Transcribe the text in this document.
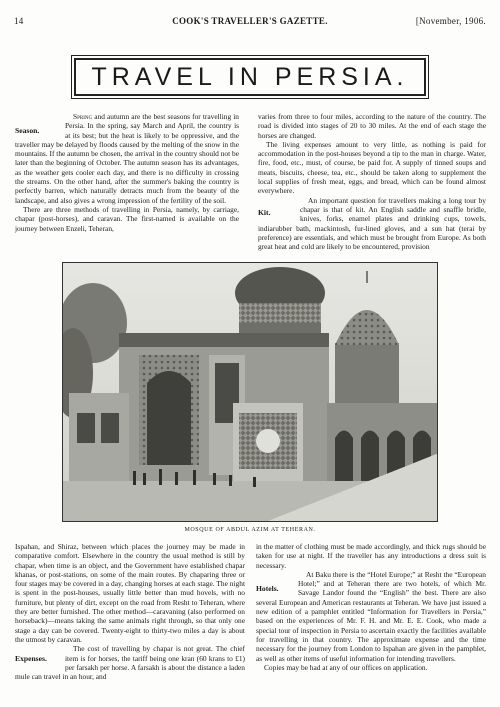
14	COOK'S TRAVELLER'S GAZETTE.	[November, 1906.
TRAVEL IN PERSIA.

Spring
Season.
and autumn are the best seasons for travelling in Persia. In the spring, say March and April, the country is at its best; but the heat is likely to be oppressive, and the traveller may be delayed by floods caused by the melting of the snow in the mountains. If the autumn be chosen, the arrival in the country should not be later than the beginning of October. The autumn season has its advantages, as the weather gets cooler each day, and there is no difficulty in crossing the streams. On the other hand, after the summer's baking the country is perfectly barren, which naturally detracts much from the beauty of the landscape, and also gives a wrong impression of the fertility of the soil.

There are three methods of travelling in Persia, namely, by carriage, chapar (post-horses), and caravan. The first-named is available on the journey between Enzeli, Teheran,

varies from three to four miles, according to the nature of the country. The road is divided into stages of 20 to 30 miles. At the end of each stage the horses are changed.

The living expenses amount to very little, as nothing is paid for accommodation in the post-houses beyond a tip to the man in charge. Water, fire, food, etc., must, of course, be paid for. A supply of tinned soups and meats, biscuits, cheese, tea, etc., should be taken along to supplement the local supplies of fresh meat, eggs, and bread, which can be found almost everywhere.

Kit.
An important question for travellers making a long tour by chapar is that of kit. An English saddle and snaffle bridle, knives, forks, enamel plates and drinking cups, towels, indiarubber bath, mackintosh, fur-lined gloves, and a sun hat (terai by preference) are essentials, and which must be brought from Europe. As both great heat and cold are likely to be encountered, provision

MOSQUE OF ABDUL AZIM AT TEHERAN.

Ispahan, and Shiraz, between which places the journey may be made in comparative comfort. Elsewhere in the country the usual method is still by chapar, when time is an object, and the Government have established chapar khanas, or post-stations, on some of the main routes. By chaparing three or four stages may be covered in a day, changing horses at each stage. The night is spent in the post-houses, usually little better than mud hovels, with no furniture, but plenty of dirt, except on the road from Resht to Teheran, where they are better furnished. The other method—caravaning (also performed on horseback)—means taking the same animals right through, so that only one stage a day can be covered. Twenty-eight to thirty-two miles a day is about the utmost by caravan.

Expenses.
The cost of travelling by chapar is not great. The chief item is for horses, the tariff being one kran (60 krans to £1) per farsakh per horse. A farsakh is about the distance a laden mule can travel in an hour, and

in the matter of clothing must be made accordingly, and thick rugs should be taken for use at night. If the traveller has any introductions a dress suit is necessary.

Hotels.
At Baku there is the “Hotel Europe;” at Resht the “European Hotel;” and at Teheran there are two hotels, of which Mr. Savage Landor found the “English” the best. There are also several European and American restaurants at Teheran. We have just issued a new edition of a pamphlet entitled “Information for Travellers in Persia,” based on the experiences of Mr. F. H. and Mr. E. E. Cook, who made a special tour of inspection in Persia to ascertain exactly the facilities available for travelling in that country. The approximate expense and the time necessary for the journey from London to Ispahan are given in the pamphlet, as well as other items of useful information for intending travellers.

Copies may be had at any of our offices on application.
